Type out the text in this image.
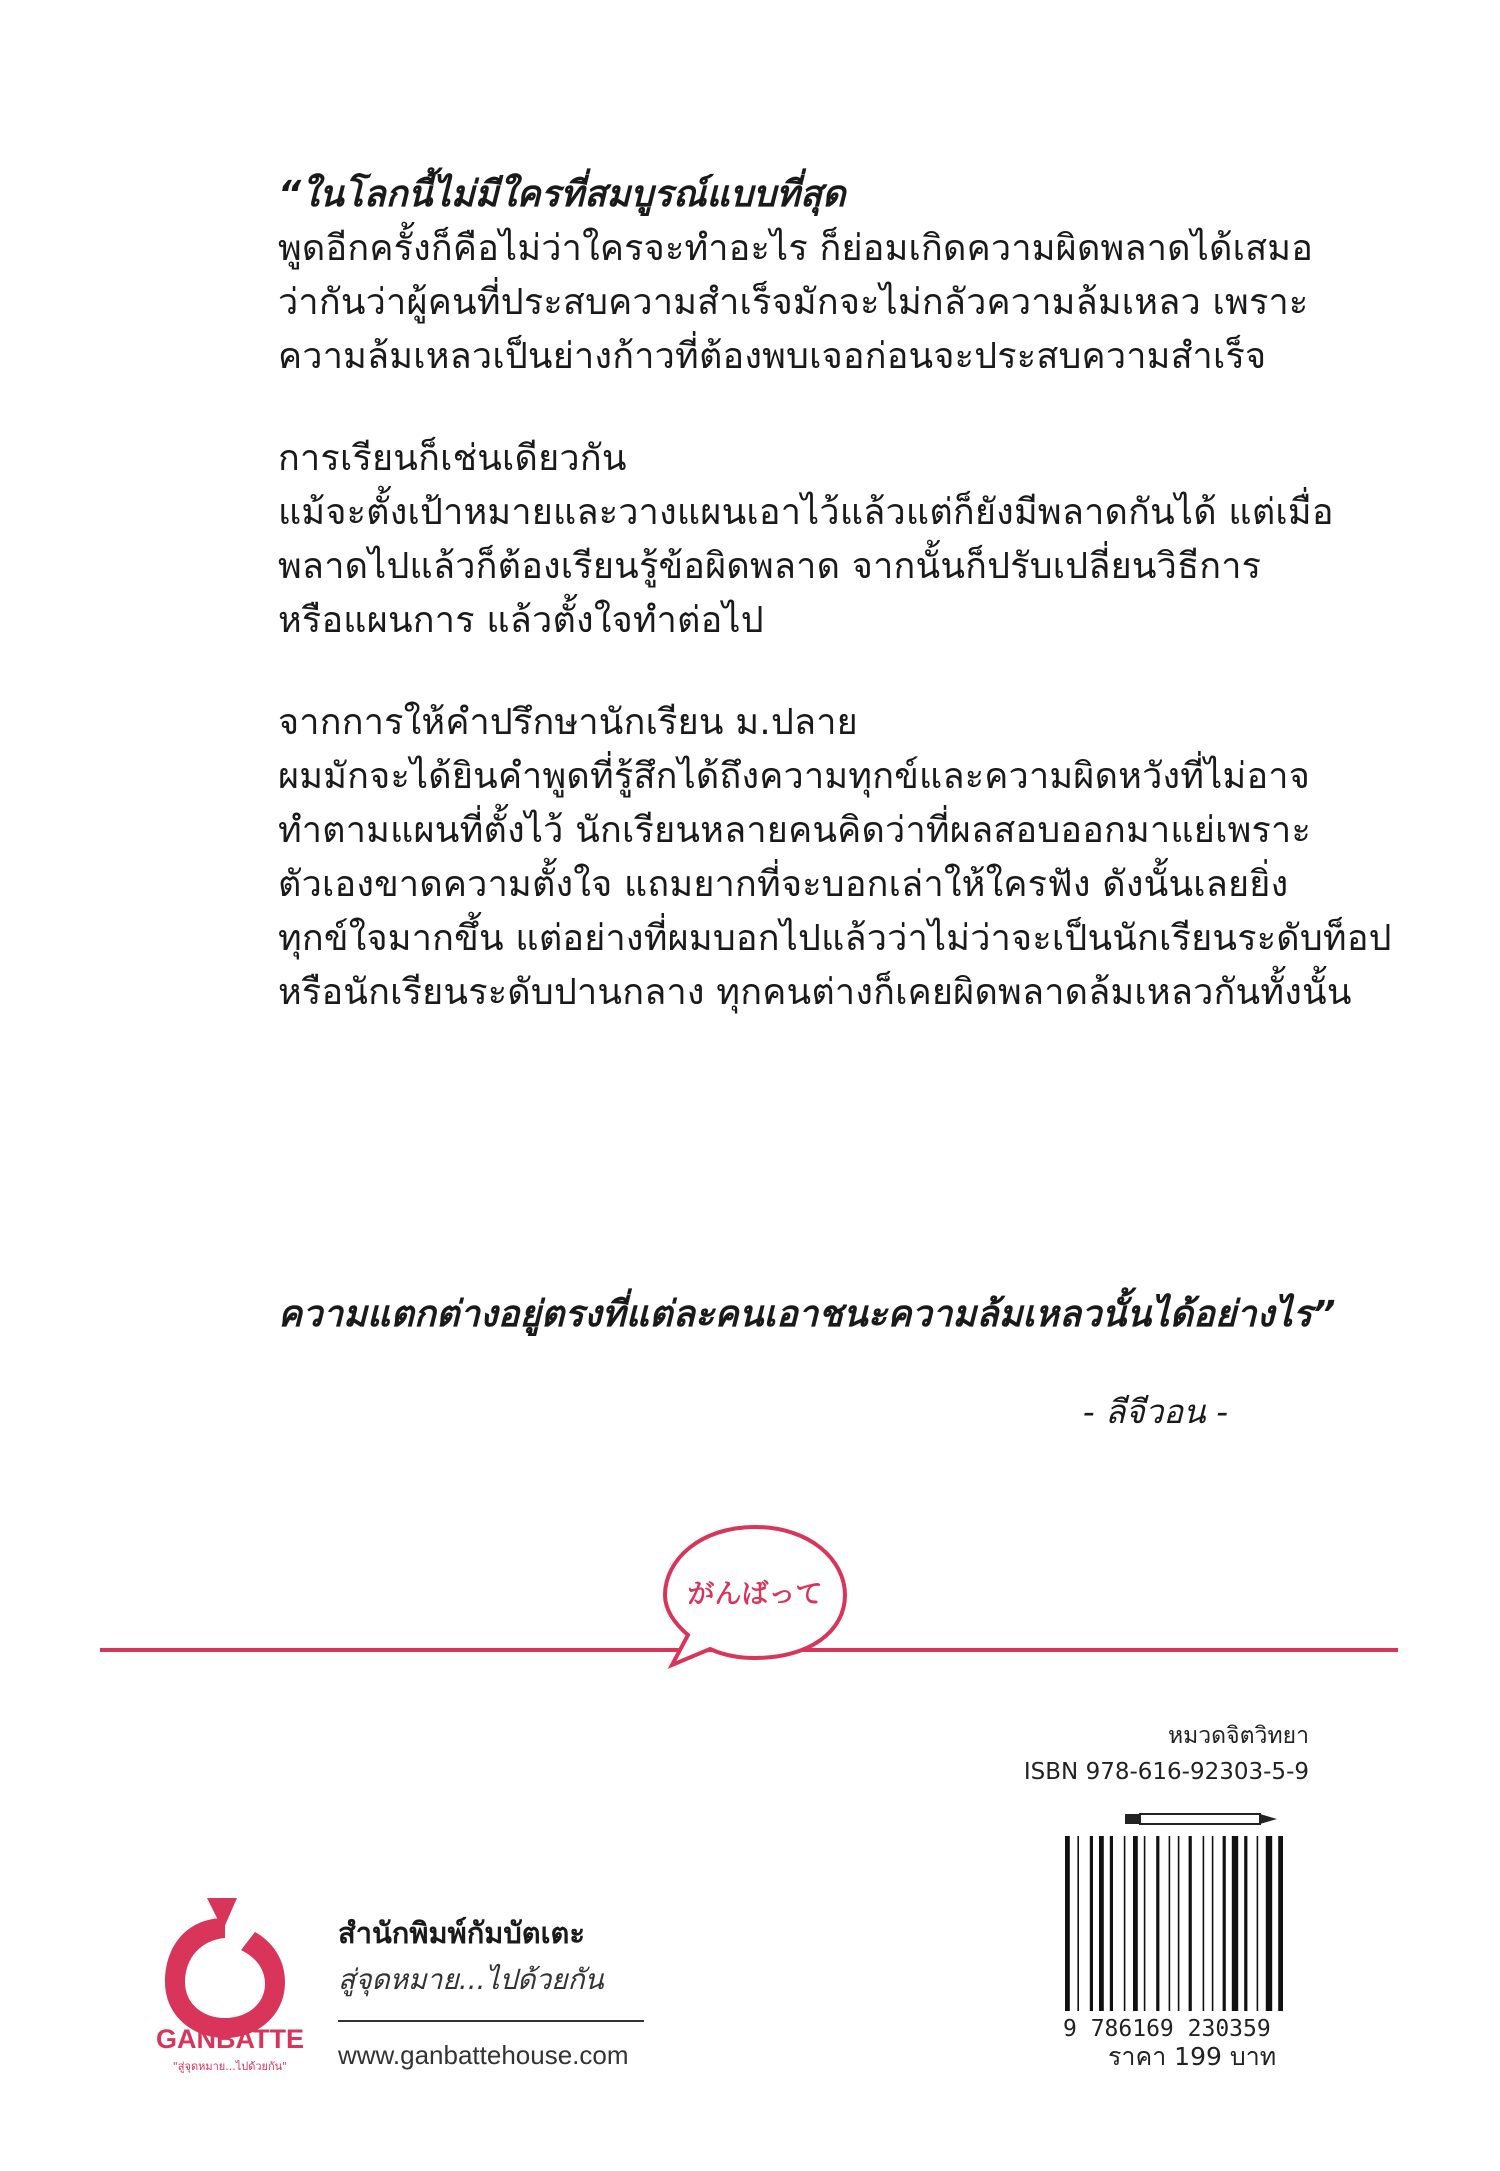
“ในโลกนี้ไม่มีใครที่สมบูรณ์แบบที่สุด
พูดอีกครั้งก็คือไม่ว่าใครจะทำอะไร ก็ย่อมเกิดความผิดพลาดได้เสมอ
ว่ากันว่าผู้คนที่ประสบความสำเร็จมักจะไม่กลัวความล้มเหลว เพราะ
ความล้มเหลวเป็นย่างก้าวที่ต้องพบเจอก่อนจะประสบความสำเร็จ
การเรียนก็เช่นเดียวกัน
แม้จะตั้งเป้าหมายและวางแผนเอาไว้แล้วแต่ก็ยังมีพลาดกันได้ แต่เมื่อ
พลาดไปแล้วก็ต้องเรียนรู้ข้อผิดพลาด จากนั้นก็ปรับเปลี่ยนวิธีการ
หรือแผนการ แล้วตั้งใจทำต่อไป
จากการให้คำปรึกษานักเรียน ม.ปลาย
ผมมักจะได้ยินคำพูดที่รู้สึกได้ถึงความทุกข์และความผิดหวังที่ไม่อาจ
ทำตามแผนที่ตั้งไว้ นักเรียนหลายคนคิดว่าที่ผลสอบออกมาแย่เพราะ
ตัวเองขาดความตั้งใจ แถมยากที่จะบอกเล่าให้ใครฟัง ดังนั้นเลยยิ่ง
ทุกข์ใจมากขึ้น แต่อย่างที่ผมบอกไปแล้วว่าไม่ว่าจะเป็นนักเรียนระดับท็อป
หรือนักเรียนระดับปานกลาง ทุกคนต่างก็เคยผิดพลาดล้มเหลวกันทั้งนั้น
ความแตกต่างอยู่ตรงที่แต่ละคนเอาชนะความล้มเหลวนั้นได้อย่างไร”
- ลีจีวอน -
がんばって
หมวดจิตวิทยา
ISBN 978-616-92303-5-9
9 786169 230359
ราคา 199 บาท
GANBATTE
"สู่จุดหมาย...ไปด้วยกัน"
สำนักพิมพ์กัมบัตเตะ
สู่จุดหมาย...ไปด้วยกัน
www.ganbattehouse.com
